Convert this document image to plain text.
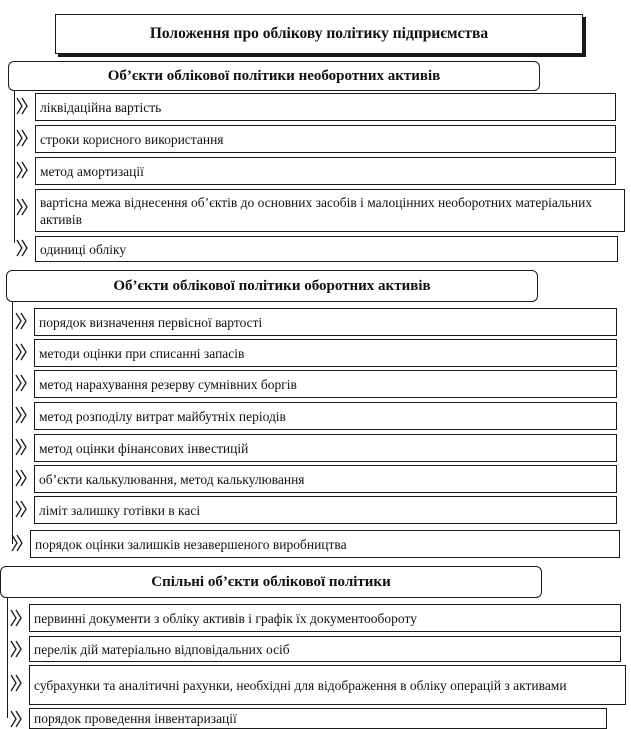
Положення про облікову політику підприємства
Об’єкти облікової політики необоротних активів
ліквідаційна вартість
строки корисного використання
метод амортизації
вартісна межа віднесення об’єктів до основних засобів і малоцінних необоротних матеріальних активів
одиниці обліку
Об’єкти облікової політики оборотних активів
порядок визначення первісної вартості
методи оцінки при списанні запасів
метод нарахування резерву сумнівних боргів
метод розподілу витрат майбутніх періодів
метод оцінки фінансових інвестицій
об’єкти калькулювання, метод калькулювання
ліміт залишку готівки в касі
порядок оцінки залишків незавершеного виробництва
Спільні об’єкти облікової політики
первинні документи з обліку активів і графік їх документообороту
перелік дій матеріально відповідальних осіб
субрахунки та аналітичні рахунки, необхідні для відображення в обліку операцій з активами
порядок проведення інвентаризації
